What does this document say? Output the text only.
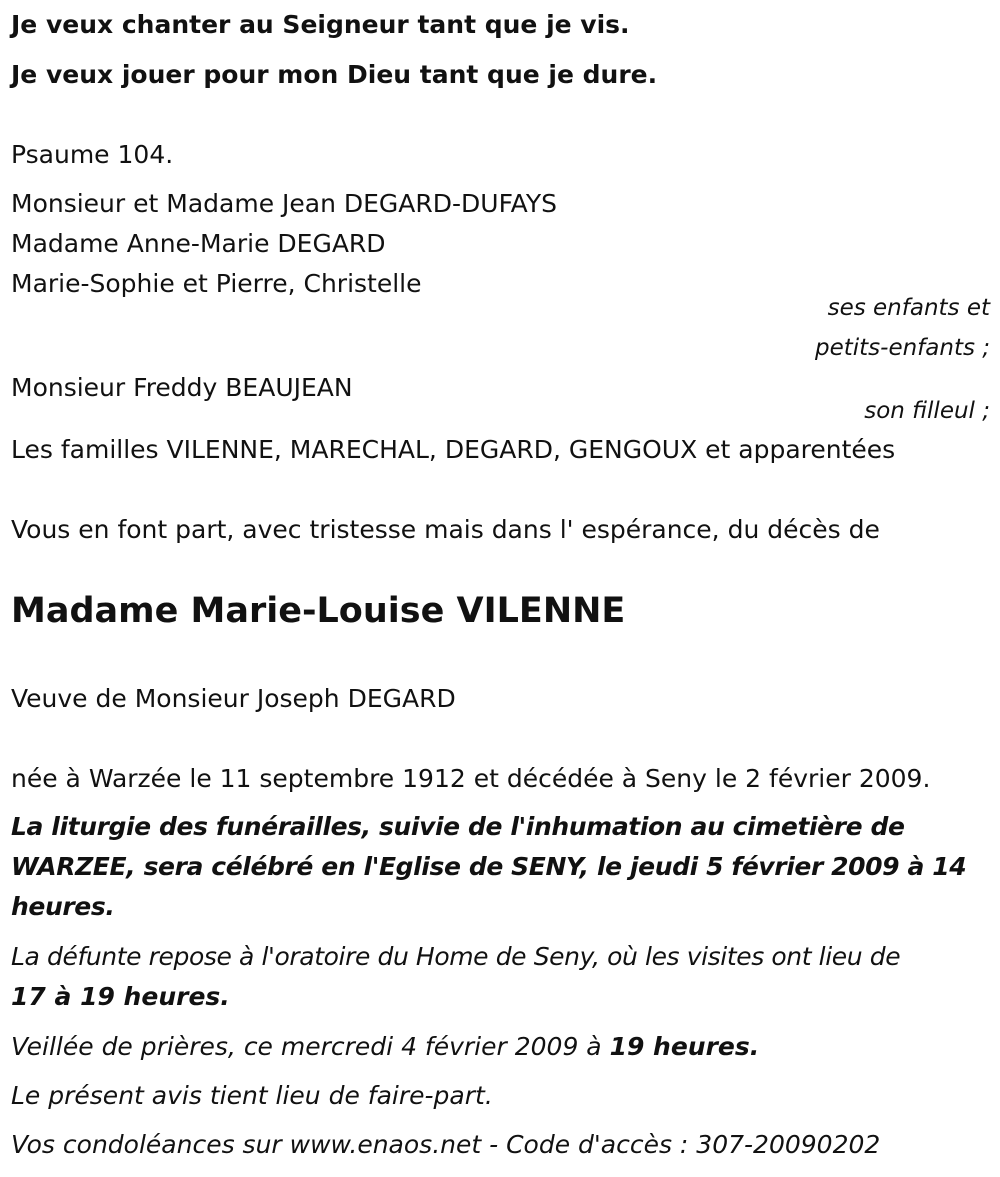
Je veux chanter au Seigneur tant que je vis.

Je veux jouer pour mon Dieu tant que je dure.

Psaume 104.

Monsieur et Madame Jean DEGARD-DUFAYS

Madame Anne-Marie DEGARD

Marie-Sophie et Pierre, Christelle

ses enfants et
petits-enfants ;

Monsieur Freddy BEAUJEAN

son filleul ;

Les familles VILENNE, MARECHAL, DEGARD, GENGOUX et apparentées

Vous en font part, avec tristesse mais dans l' espérance, du décès de

Madame Marie-Louise VILENNE

Veuve de Monsieur Joseph DEGARD

née à Warzée le 11 septembre 1912 et décédée à Seny le 2 février 2009.

La liturgie des funérailles, suivie de l'inhumation au cimetière de

WARZEE, sera célébré en l'Eglise de SENY, le jeudi 5 février 2009 à 14

heures.

La défunte repose à l'oratoire du Home de Seny, où les visites ont lieu de

17 à 19 heures.

Veillée de prières, ce mercredi 4 février 2009 à 19 heures.

Le présent avis tient lieu de faire-part.

Vos condoléances sur www.enaos.net - Code d'accès : 307-20090202
